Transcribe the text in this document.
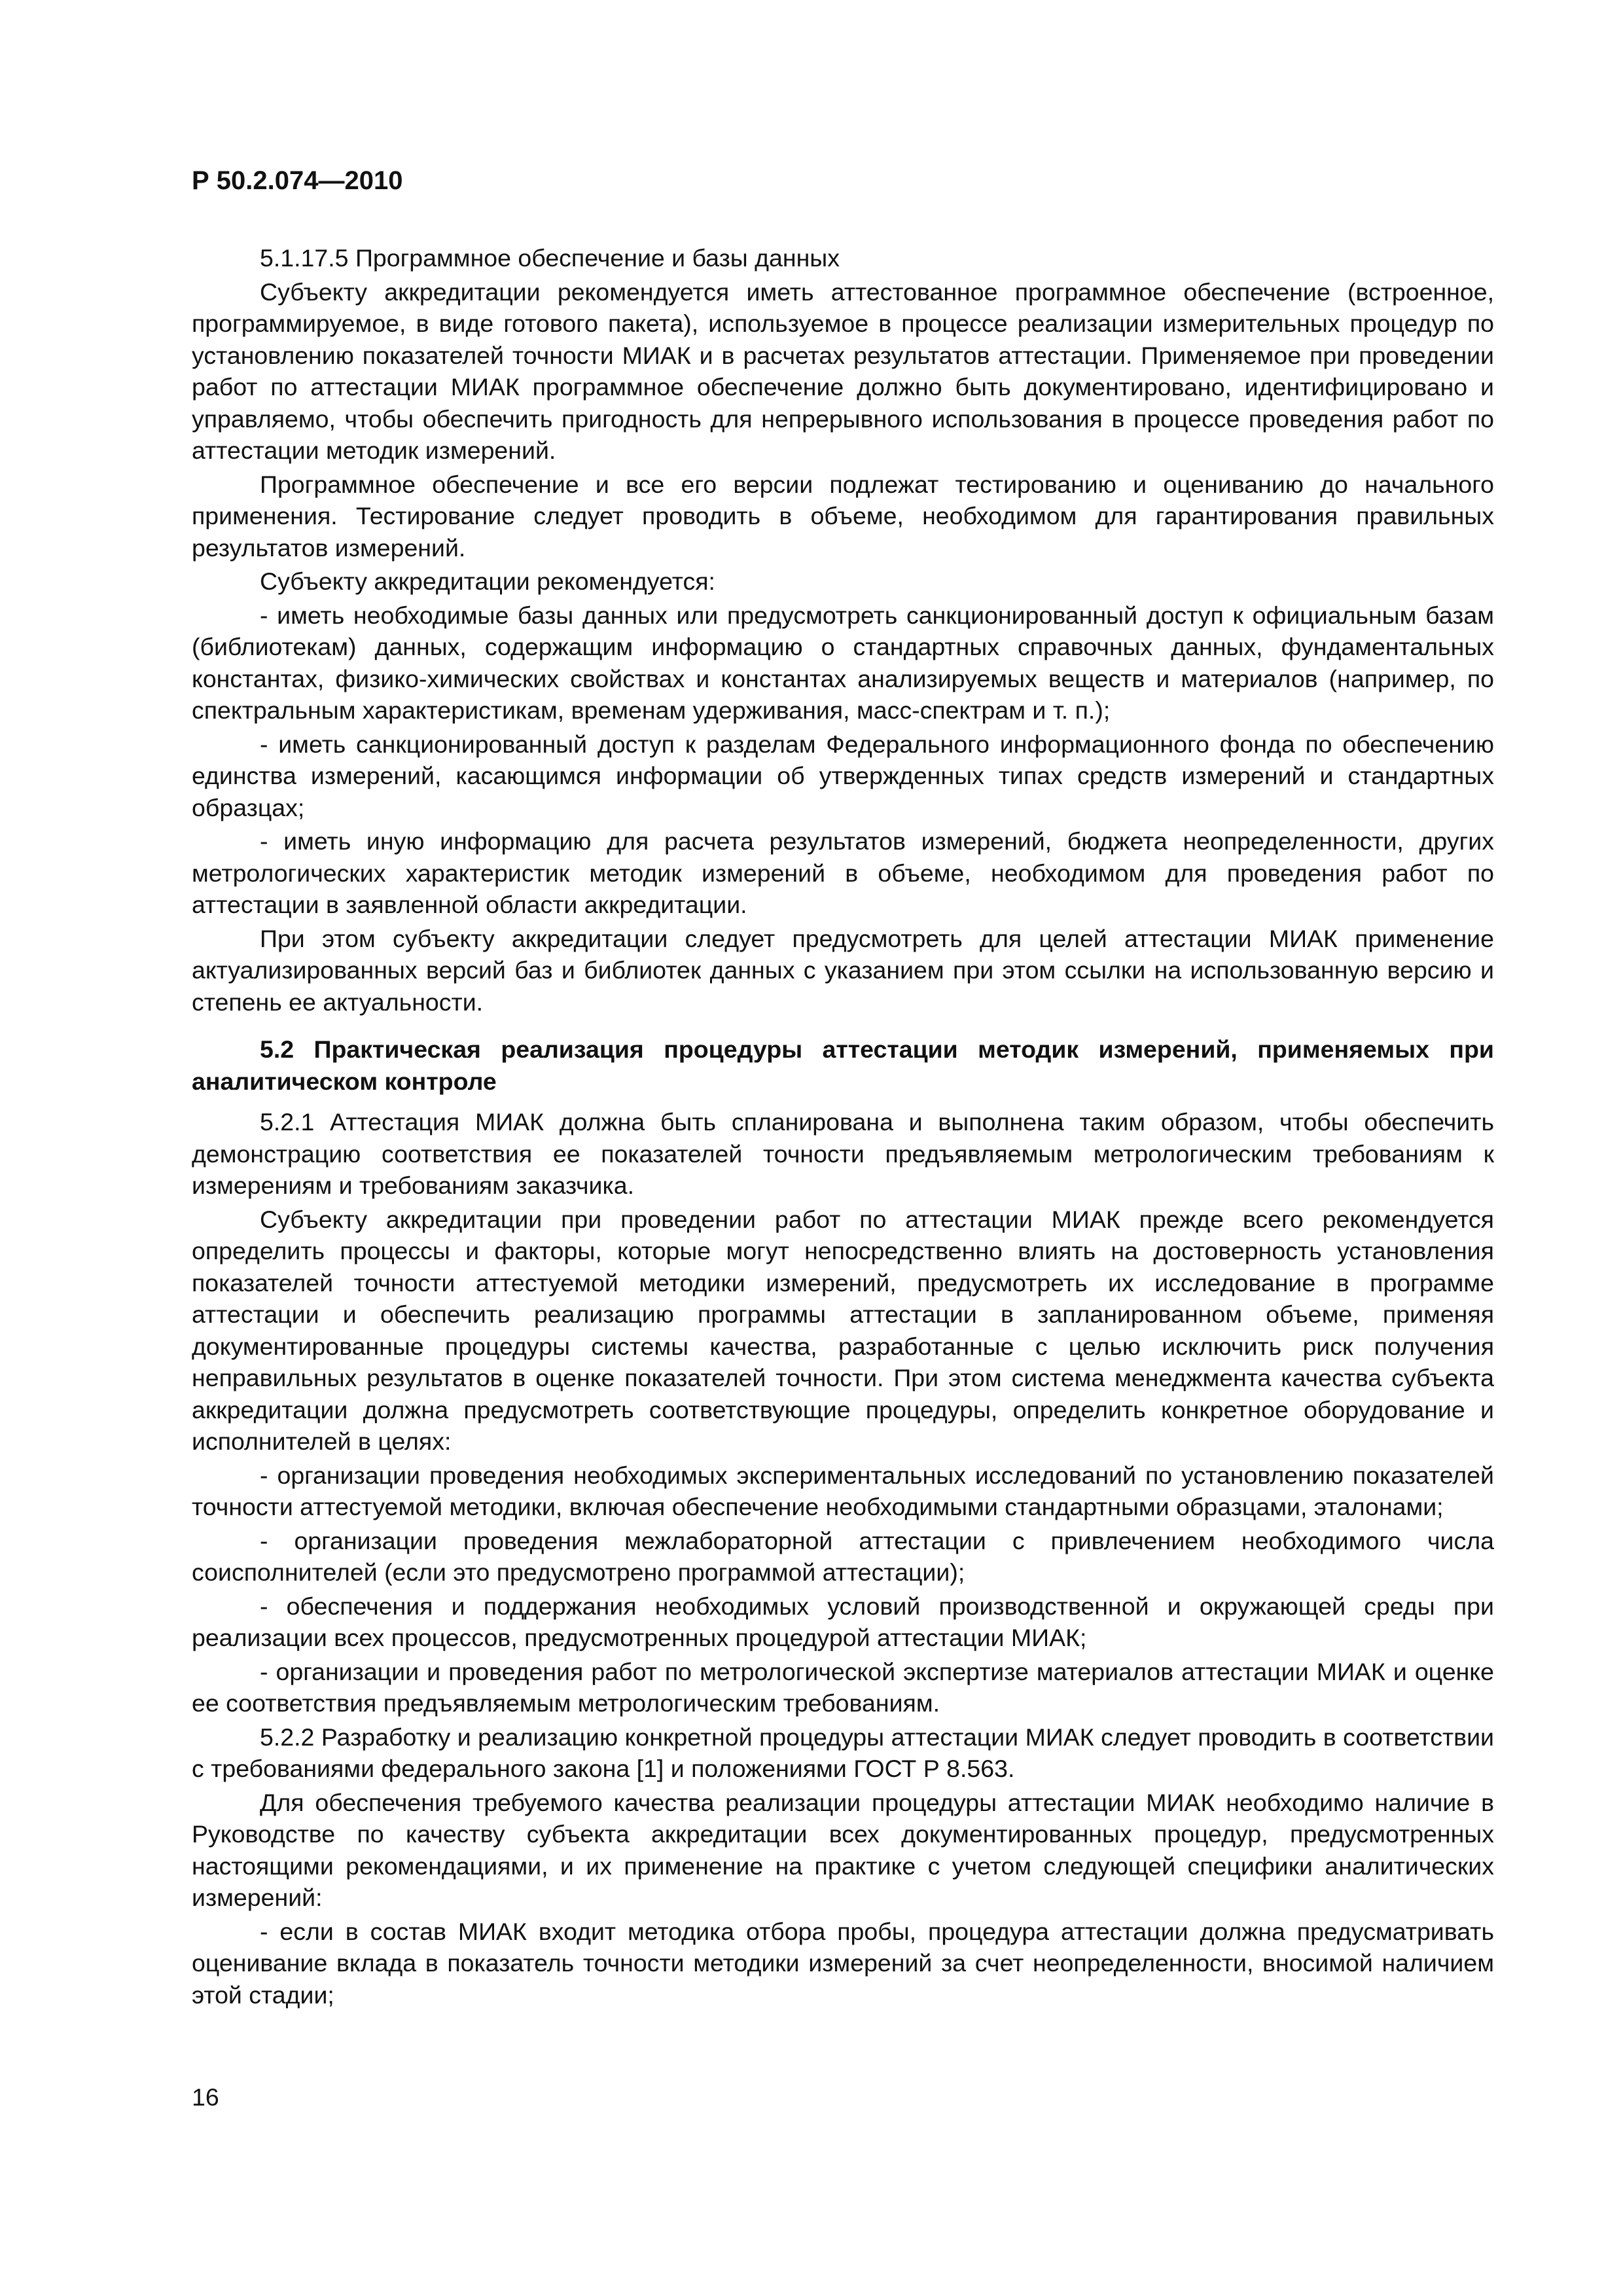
Р 50.2.074—2010

5.1.17.5 Программное обеспечение и базы данных

Субъекту аккредитации рекомендуется иметь аттестованное программное обеспечение (встроенное, программируемое, в виде готового пакета), используемое в процессе реализации измерительных процедур по установлению показателей точности МИАК и в расчетах результатов аттестации. Применяемое при проведении работ по аттестации МИАК программное обеспечение должно быть документировано, идентифицировано и управляемо, чтобы обеспечить пригодность для непрерывного использования в процессе проведения работ по аттестации методик измерений.

Программное обеспечение и все его версии подлежат тестированию и оцениванию до начального применения. Тестирование следует проводить в объеме, необходимом для гарантирования правильных результатов измерений.

Субъекту аккредитации рекомендуется:

- иметь необходимые базы данных или предусмотреть санкционированный доступ к официальным базам (библиотекам) данных, содержащим информацию о стандартных справочных данных, фундаментальных константах, физико-химических свойствах и константах анализируемых веществ и материалов (например, по спектральным характеристикам, временам удерживания, масс-спектрам и т. п.);

- иметь санкционированный доступ к разделам Федерального информационного фонда по обеспечению единства измерений, касающимся информации об утвержденных типах средств измерений и стандартных образцах;

- иметь иную информацию для расчета результатов измерений, бюджета неопределенности, других метрологических характеристик методик измерений в объеме, необходимом для проведения работ по аттестации в заявленной области аккредитации.

При этом субъекту аккредитации следует предусмотреть для целей аттестации МИАК применение актуализированных версий баз и библиотек данных с указанием при этом ссылки на использованную версию и степень ее актуальности.

5.2 Практическая реализация процедуры аттестации методик измерений, применяемых при аналитическом контроле

5.2.1 Аттестация МИАК должна быть спланирована и выполнена таким образом, чтобы обеспечить демонстрацию соответствия ее показателей точности предъявляемым метрологическим требованиям к измерениям и требованиям заказчика.

Субъекту аккредитации при проведении работ по аттестации МИАК прежде всего рекомендуется определить процессы и факторы, которые могут непосредственно влиять на достоверность установления показателей точности аттестуемой методики измерений, предусмотреть их исследование в программе аттестации и обеспечить реализацию программы аттестации в запланированном объеме, применяя документированные процедуры системы качества, разработанные с целью исключить риск получения неправильных результатов в оценке показателей точности. При этом система менеджмента качества субъекта аккредитации должна предусмотреть соответствующие процедуры, определить конкретное оборудование и исполнителей в целях:

- организации проведения необходимых экспериментальных исследований по установлению показателей точности аттестуемой методики, включая обеспечение необходимыми стандартными образцами, эталонами;

- организации проведения межлабораторной аттестации с привлечением необходимого числа соисполнителей (если это предусмотрено программой аттестации);

- обеспечения и поддержания необходимых условий производственной и окружающей среды при реализации всех процессов, предусмотренных процедурой аттестации МИАК;

- организации и проведения работ по метрологической экспертизе материалов аттестации МИАК и оценке ее соответствия предъявляемым метрологическим требованиям.

5.2.2 Разработку и реализацию конкретной процедуры аттестации МИАК следует проводить в соответствии с требованиями федерального закона [1] и положениями ГОСТ Р 8.563.

Для обеспечения требуемого качества реализации процедуры аттестации МИАК необходимо наличие в Руководстве по качеству субъекта аккредитации всех документированных процедур, предусмотренных настоящими рекомендациями, и их применение на практике с учетом следующей специфики аналитических измерений:

- если в состав МИАК входит методика отбора пробы, процедура аттестации должна предусматривать оценивание вклада в показатель точности методики измерений за счет неопределенности, вносимой наличием этой стадии;

16
